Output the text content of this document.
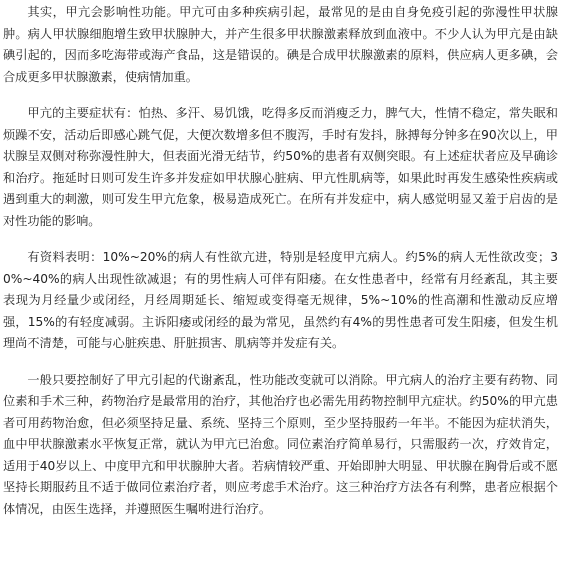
其实，甲亢会影响性功能。甲亢可由多种疾病引起，最常见的是由自身免疫引起的弥漫性甲状腺肿。病人甲状腺细胞增生致甲状腺肿大，并产生很多甲状腺激素释放到血液中。不少人认为甲亢是由缺碘引起的，因而多吃海带或海产食品，这是错误的。碘是合成甲状腺激素的原料，供应病人更多碘，会合成更多甲状腺激素，使病情加重。

甲亢的主要症状有：怕热、多汗、易饥饿，吃得多反而消瘦乏力，脾气大，性情不稳定，常失眠和烦躁不安，活动后即感心跳气促，大便次数增多但不腹泻，手时有发抖，脉搏每分钟多在90次以上，甲状腺呈双侧对称弥漫性肿大，但表面光滑无结节，约50%的患者有双侧突眼。有上述症状者应及早确诊和治疗。拖延时日则可发生许多并发症如甲状腺心脏病、甲亢性肌病等，如果此时再发生感染性疾病或遇到重大的刺激，则可发生甲亢危象，极易造成死亡。在所有并发症中，病人感觉明显又羞于启齿的是对性功能的影响。

有资料表明：10%~20%的病人有性欲亢进，特别是轻度甲亢病人。约5%的病人无性欲改变；30%~40%的病人出现性欲减退；有的男性病人可伴有阳痿。在女性患者中，经常有月经紊乱，其主要表现为月经量少或闭经，月经周期延长、缩短或变得毫无规律，5%~10%的性高潮和性激动反应增强，15%的有轻度减弱。主诉阳痿或闭经的最为常见，虽然约有4%的男性患者可发生阳痿，但发生机理尚不清楚，可能与心脏疾患、肝脏损害、肌病等并发症有关。

一般只要控制好了甲亢引起的代谢紊乱，性功能改变就可以消除。甲亢病人的治疗主要有药物、同位素和手术三种，药物治疗是最常用的治疗，其他治疗也必需先用药物控制甲亢症状。约50%的甲亢患者可用药物治愈，但必须坚持足量、系统、坚持三个原则，至少坚持服药一年半。不能因为症状消失，血中甲状腺激素水平恢复正常，就认为甲亢已治愈。同位素治疗简单易行，只需服药一次，疗效肯定，适用于40岁以上、中度甲亢和甲状腺肿大者。若病情较严重、开始即肿大明显、甲状腺在胸骨后或不愿坚持长期服药且不适于做同位素治疗者，则应考虑手术治疗。这三种治疗方法各有利弊，患者应根据个体情况，由医生选择，并遵照医生嘱咐进行治疗。
